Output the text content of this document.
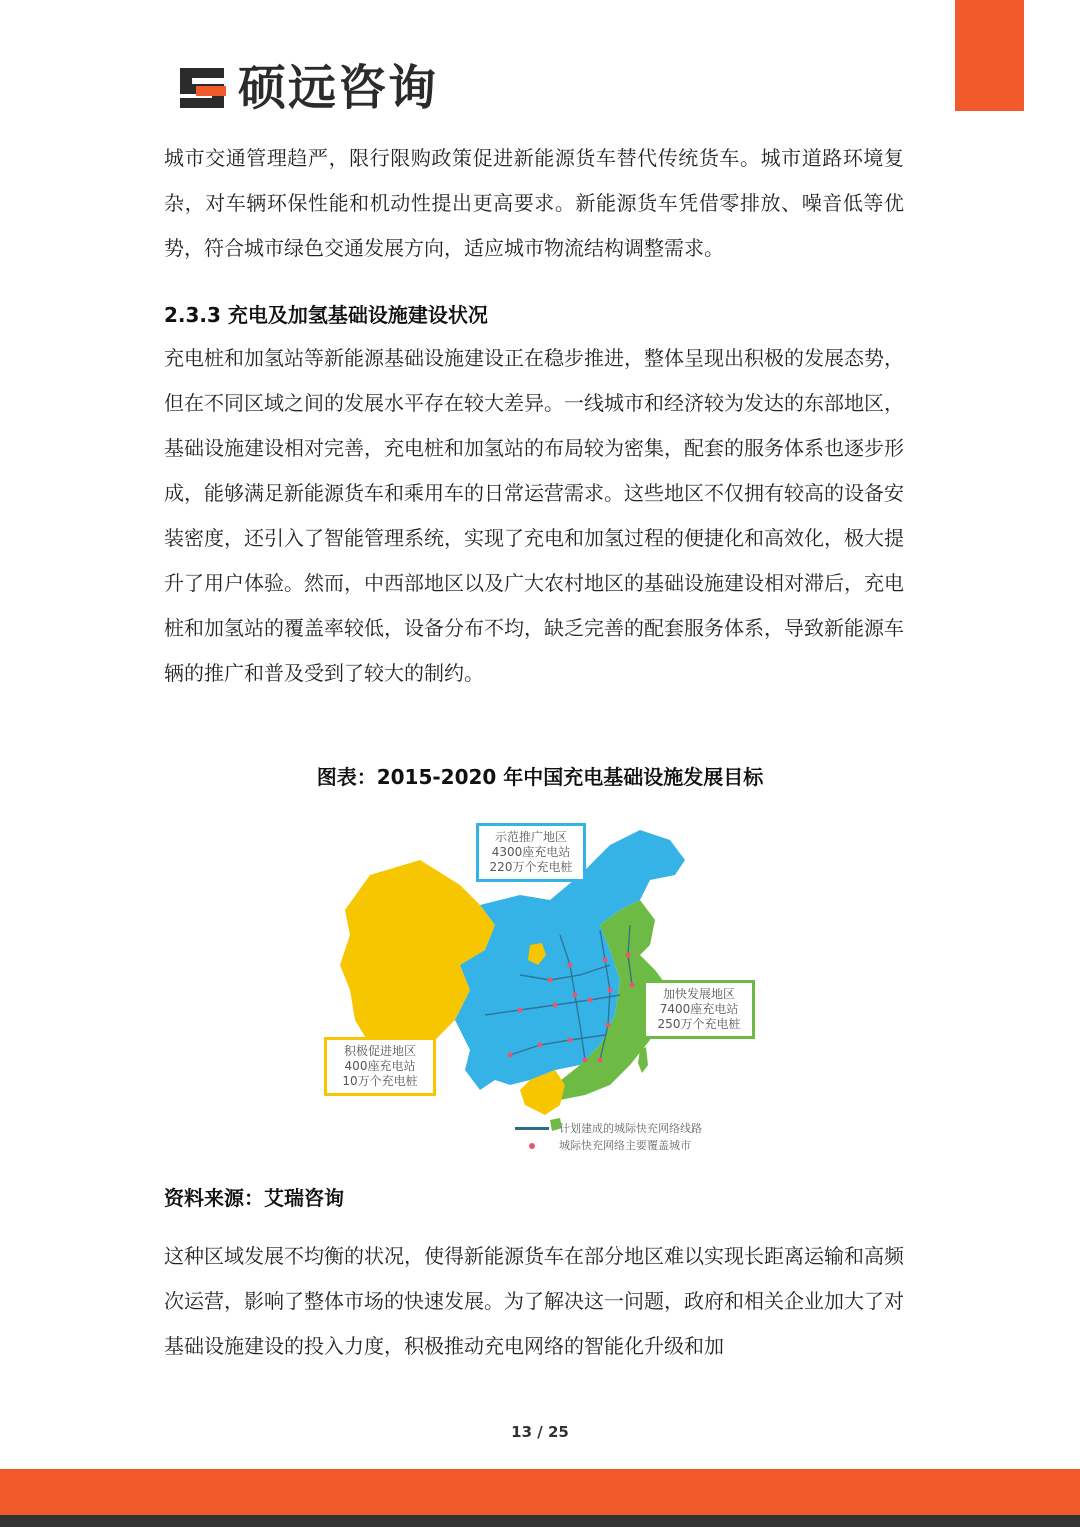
硕远咨询

城市交通管理趋严，限行限购政策促进新能源货车替代传统货车。城市道路环境复杂，对车辆环保性能和机动性提出更高要求。新能源货车凭借零排放、噪音低等优势，符合城市绿色交通发展方向，适应城市物流结构调整需求。

2.3.3 充电及加氢基础设施建设状况

充电桩和加氢站等新能源基础设施建设正在稳步推进，整体呈现出积极的发展态势，但在不同区域之间的发展水平存在较大差异。一线城市和经济较为发达的东部地区，基础设施建设相对完善，充电桩和加氢站的布局较为密集，配套的服务体系也逐步形成，能够满足新能源货车和乘用车的日常运营需求。这些地区不仅拥有较高的设备安装密度，还引入了智能管理系统，实现了充电和加氢过程的便捷化和高效化，极大提升了用户体验。然而，中西部地区以及广大农村地区的基础设施建设相对滞后，充电桩和加氢站的覆盖率较低，设备分布不均，缺乏完善的配套服务体系，导致新能源车辆的推广和普及受到了较大的制约。

图表：2015-2020 年中国充电基础设施发展目标
示范推广地区
4300座充电站
220万个充电桩
加快发展地区
7400座充电站
250万个充电桩
积极促进地区
400座充电站
10万个充电桩
计划建成的城际快充网络线路
城际快充网络主要覆盖城市
资料来源：艾瑞咨询

这种区域发展不均衡的状况，使得新能源货车在部分地区难以实现长距离运输和高频次运营，影响了整体市场的快速发展。为了解决这一问题，政府和相关企业加大了对基础设施建设的投入力度，积极推动充电网络的智能化升级和加

13 / 25
